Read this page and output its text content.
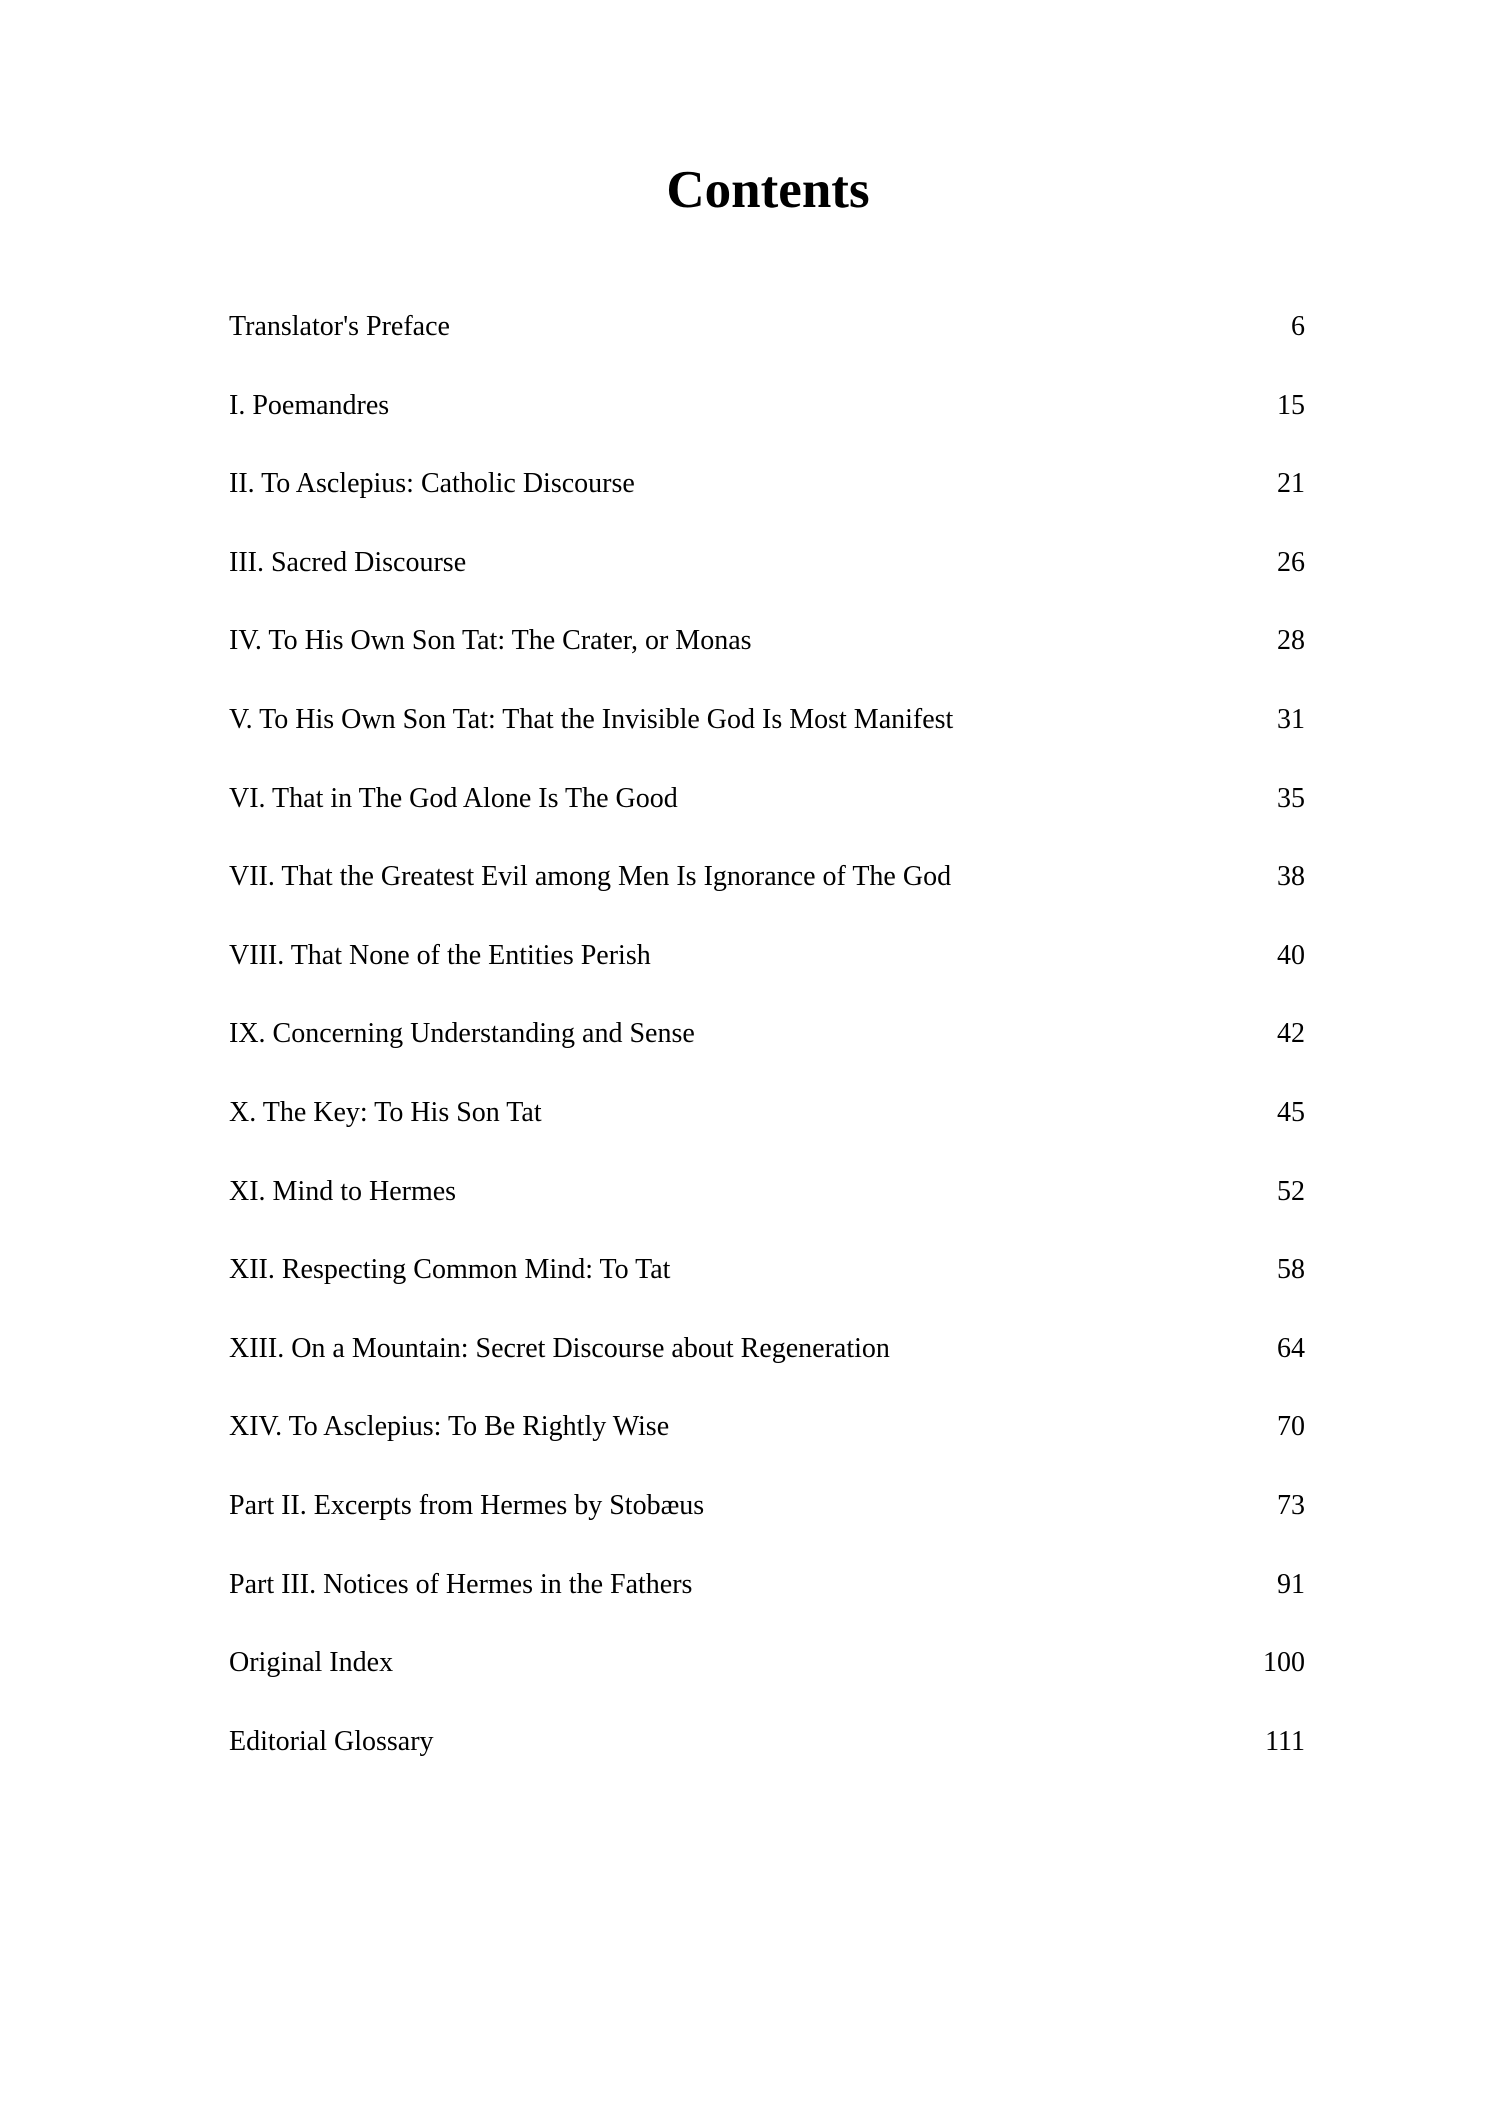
Contents
Translator's Preface	6
I. Poemandres	15
II. To Asclepius: Catholic Discourse	21
III. Sacred Discourse	26
IV. To His Own Son Tat: The Crater, or Monas	28
V. To His Own Son Tat: That the Invisible God Is Most Manifest	31
VI. That in The God Alone Is The Good	35
VII. That the Greatest Evil among Men Is Ignorance of The God	38
VIII. That None of the Entities Perish	40
IX. Concerning Understanding and Sense	42
X. The Key: To His Son Tat	45
XI. Mind to Hermes	52
XII. Respecting Common Mind: To Tat	58
XIII. On a Mountain: Secret Discourse about Regeneration	64
XIV. To Asclepius: To Be Rightly Wise	70
Part II. Excerpts from Hermes by Stobæus	73
Part III. Notices of Hermes in the Fathers	91
Original Index	100
Editorial Glossary	111
